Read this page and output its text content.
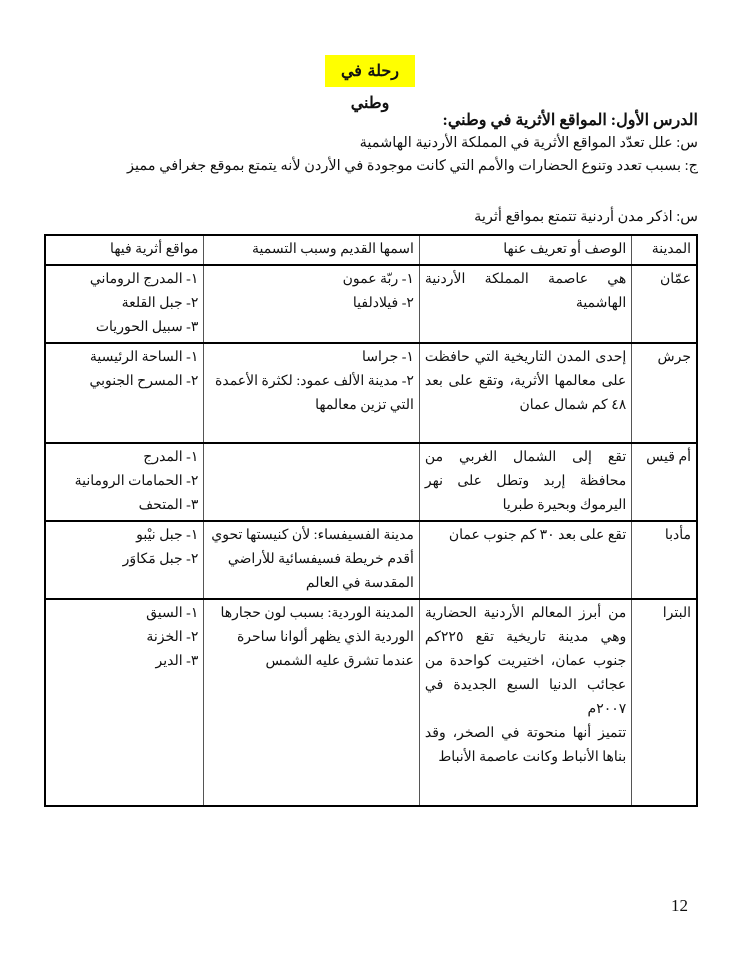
رحلة في وطني
الدرس الأول: المواقع الأثرية في وطني:
س: علل تعدّد المواقع الأثرية في المملكة الأردنية الهاشمية
ج: بسبب تعدد وتنوع الحضارات والأمم التي كانت موجودة في الأردن لأنه يتمتع بموقع جغرافي مميز
س: اذكر مدن أردنية تتمتع بمواقع أثرية
المدينة	الوصف أو تعريف عنها	اسمها القديم وسبب التسمية	مواقع أثرية فيها
عمّان	هي عاصمة المملكة الأردنية الهاشمية	١- ربّة عمون
٢- فيلادلفيا	١- المدرج الروماني
٢- جبل القلعة
٣- سبيل الحوريات

جرش	إحدى المدن التاريخية التي حافظت على معالمها الأثرية، وتقع على بعد ٤٨ كم شمال عمان	١- جراسا
٢- مدينة الألف عمود: لكثرة الأعمدة التي تزين معالمها	١- الساحة الرئيسية
٢- المسرح الجنوبي

أم قيس	تقع إلى الشمال الغربي من محافظة إربد وتطل على نهر اليرموك وبحيرة طبريا		١- المدرج
٢- الحمامات الرومانية
٣- المتحف

مأدبا	تقع على بعد ٣٠ كم جنوب عمان	مدينة الفسيفساء: لأن كنيستها تحوي أقدم خريطة فسيفسائية للأراضي المقدسة في العالم	١- جبل نيْبو
٢- جبل مَكاوَر

البترا	من أبرز المعالم الأردنية الحضارية وهي مدينة تاريخية تقع ٢٢٥كم جنوب عمان، اختيريت كواحدة من عجائب الدنيا السبع الجديدة في ٢٠٠٧م
تتميز أنها منحوتة في الصخر، وقد بناها الأنباط وكانت عاصمة الأنباط	المدينة الوردية: بسبب لون حجارها الوردية الذي يظهر ألوانا ساحرة عندما تشرق عليه الشمس	١- السيق
٢- الخزنة
٣- الدير
12
